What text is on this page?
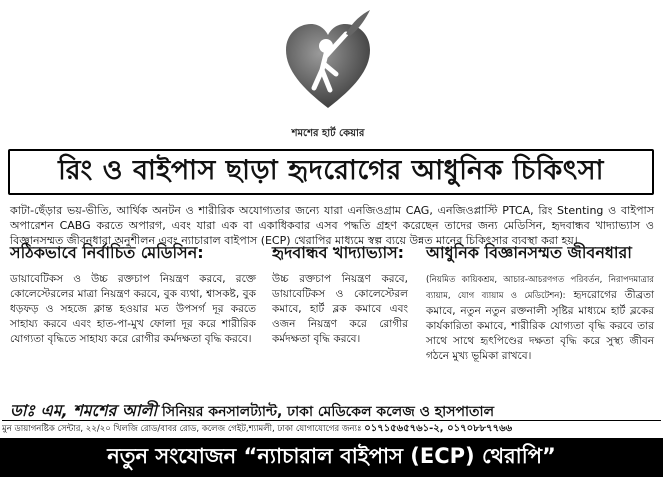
শমশের হার্ট কেয়ার
রিং ও বাইপাস ছাড়া হৃদরোগের আধুনিক চিকিৎসা
কাটা-ছেঁড়ার ভয়-ভীতি, আর্থিক অনটন ও শারীরিক অযোগ্যতার জন্যে যারা এনজিওগ্রাম CAG, এনজিওপ্লাস্টি PTCA, রিং Stenting ও বাইপাস অপারেশন CABG করতে অপারগ, এবং যারা এক বা একাধিকবার এসব পদ্ধতি গ্রহণ করেছেন তাদের জন্য মেডিসিন, হৃদবান্ধব খাদ্যাভ্যাস ও বিজ্ঞানসম্মত জীবনধারা অনুশীলন এবং ন্যাচারাল বাইপাস (ECP) থেরাপির মাধ্যমে স্বল্প ব্যয়ে উন্নত মানের চিকিৎসার ব্যবস্থা করা হয়।
সঠিকভাবে নির্বাচিত মেডিসিন:

ডায়াবেটিকস ও উচ্চ রক্তচাপ নিয়ন্ত্রণ করবে, রক্তে কোলেস্টেরলের মাত্রা নিয়ন্ত্রণ করবে, বুক ব্যথা, শ্বাসকষ্ট, বুক ধড়ফড় ও সহজে ক্লান্ত হওয়ার মত উপসর্গ দূর করতে সাহায্য করবে এবং হাত-পা-মুখ ফোলা দূর করে শারীরিক যোগ্যতা বৃদ্ধিতে সাহায্য করে রোগীর কর্মদক্ষতা বৃদ্ধি করবে।

হৃদবান্ধব খাদ্যাভ্যাস:

উচ্চ রক্তচাপ নিয়ন্ত্রণ করবে, ডায়াবেটিকস ও কোলেস্টেরল কমাবে, হার্ট ব্লক কমাবে এবং ওজন নিয়ন্ত্রণ করে রোগীর কর্মদক্ষতা বৃদ্ধি করবে।

আধুনিক বিজ্ঞানসম্মত জীবনধারা

(নিয়মিত কায়িকশ্রম, আচার-আচরণগত পরিবর্তন, নিরাপদমাত্রার ব্যায়াম, যোগ ব্যায়াম ও মেডিটেশন): হৃদরোগের তীব্রতা কমাবে, নতুন নতুন রক্তনালী সৃষ্টির মাধ্যমে হার্ট ব্লকের কার্যকারিতা কমাবে, শারীরিক যোগ্যতা বৃদ্ধি করবে তার সাথে সাথে হৃৎপিণ্ডের দক্ষতা বৃদ্ধি করে সুস্থ্য জীবন গঠনে মুখ্য ভূমিকা রাখবে।

ডাঃ এম, শমশের আলী সিনিয়র কনসালট্যান্ট, ঢাকা মেডিকেল কলেজ ও হাসপাতাল
মুন ডায়াগনষ্টিক সেন্টার, ২২/২০ খিলজি রোড/বাবর রোড, কলেজ গেইট,শ্যামলী, ঢাকা যোগাযোগের জন্যঃ ০১৭১৫৬৫৭৬১-২, ০১৭০৮৮৭৭৬৬
নতুন সংযোজন “ন্যাচারাল বাইপাস (ECP) থেরাপি”
